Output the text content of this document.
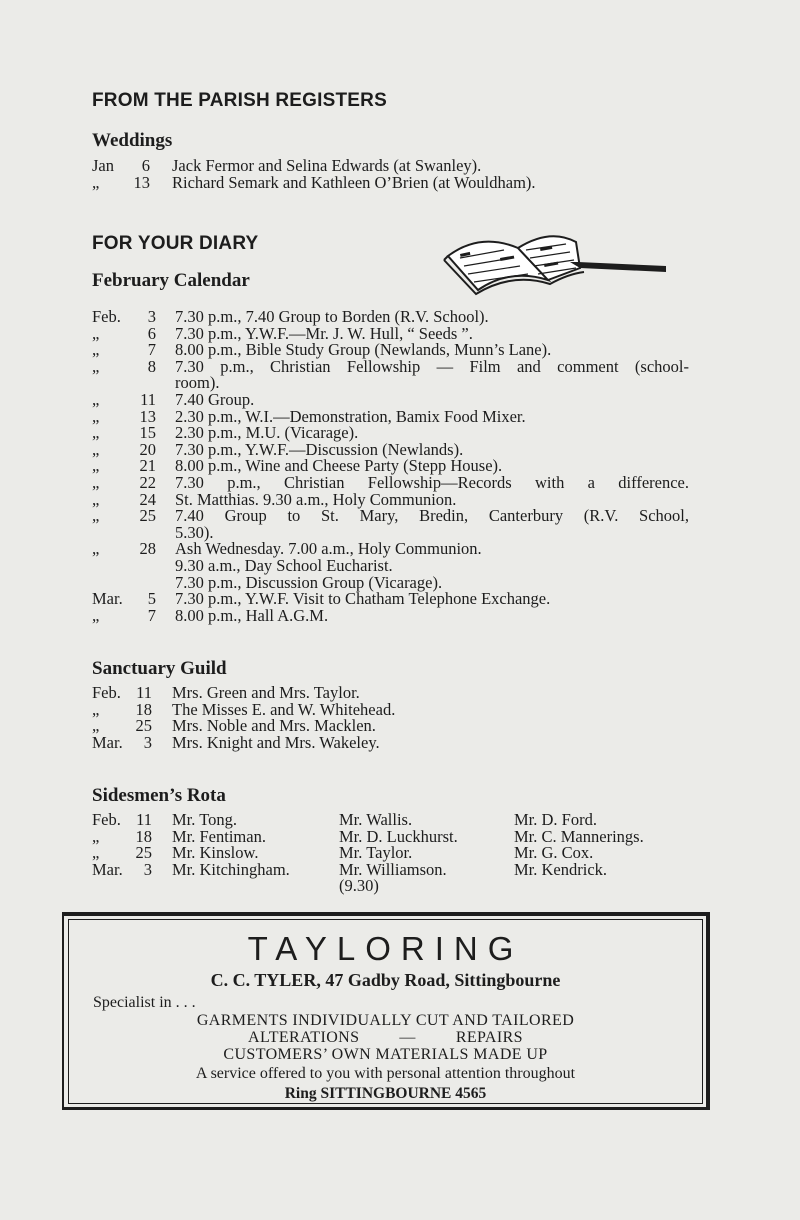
FROM THE PARISH REGISTERS
Weddings
Jan	6 Jack Fermor and Selina Edwards (at Swanley).
„ 13 Richard Semark and Kathleen O’Brien (at Wouldham).
FOR YOUR DIARY
February Calendar
Feb.	3 7.30 p.m., 7.40 Group to Borden (R.V. School).
„	6 7.30 p.m., Y.W.F.—Mr. J. W. Hull, “ Seeds ”.
„	7 8.00 p.m., Bible Study Group (Newlands, Munn’s Lane).
„	8 7.30 p.m., Christian Fellowship — Film and comment (school-
room).
„ 11 7.40 Group.
„ 13 2.30 p.m., W.I.—Demonstration, Bamix Food Mixer.
„ 15 2.30 p.m., M.U. (Vicarage).
„ 20 7.30 p.m., Y.W.F.—Discussion (Newlands).
„ 21 8.00 p.m., Wine and Cheese Party (Stepp House).
„ 22 7.30 p.m., Christian Fellowship—Records with a difference.
„ 24 St. Matthias. 9.30 a.m., Holy Communion.
„ 25 7.40 Group to St. Mary, Bredin, Canterbury (R.V. School,
5.30).
„ 28 Ash Wednesday. 7.00 a.m., Holy Communion.
9.30 a.m., Day School Eucharist.
7.30 p.m., Discussion Group (Vicarage).
Mar.	5 7.30 p.m., Y.W.F. Visit to Chatham Telephone Exchange.
„	7 8.00 p.m., Hall A.G.M.
Sanctuary Guild
Feb. 11 Mrs. Green and Mrs. Taylor.
„ 18 The Misses E. and W. Whitehead.
„ 25 Mrs. Noble and Mrs. Macklen.
Mar.	3 Mrs. Knight and Mrs. Wakeley.
Sidesmen’s Rota
Feb. 11 Mr. Tong.	Mr. Wallis.	Mr. D. Ford.
„ 18 Mr. Fentiman.	Mr. D. Luckhurst.	Mr. C. Mannerings.
„ 25 Mr. Kinslow.	Mr. Taylor.	Mr. G. Cox.
Mar.	3 Mr. Kitchingham.	Mr. Williamson.	Mr. Kendrick.
(9.30)
TAYLORING
C. C. TYLER, 47 Gadby Road, Sittingbourne
Specialist in . . .
GARMENTS INDIVIDUALLY CUT AND TAILORED
ALTERATIONS	—	REPAIRS
CUSTOMERS’ OWN MATERIALS MADE UP
A service offered to you with personal attention throughout
Ring SITTINGBOURNE 4565
